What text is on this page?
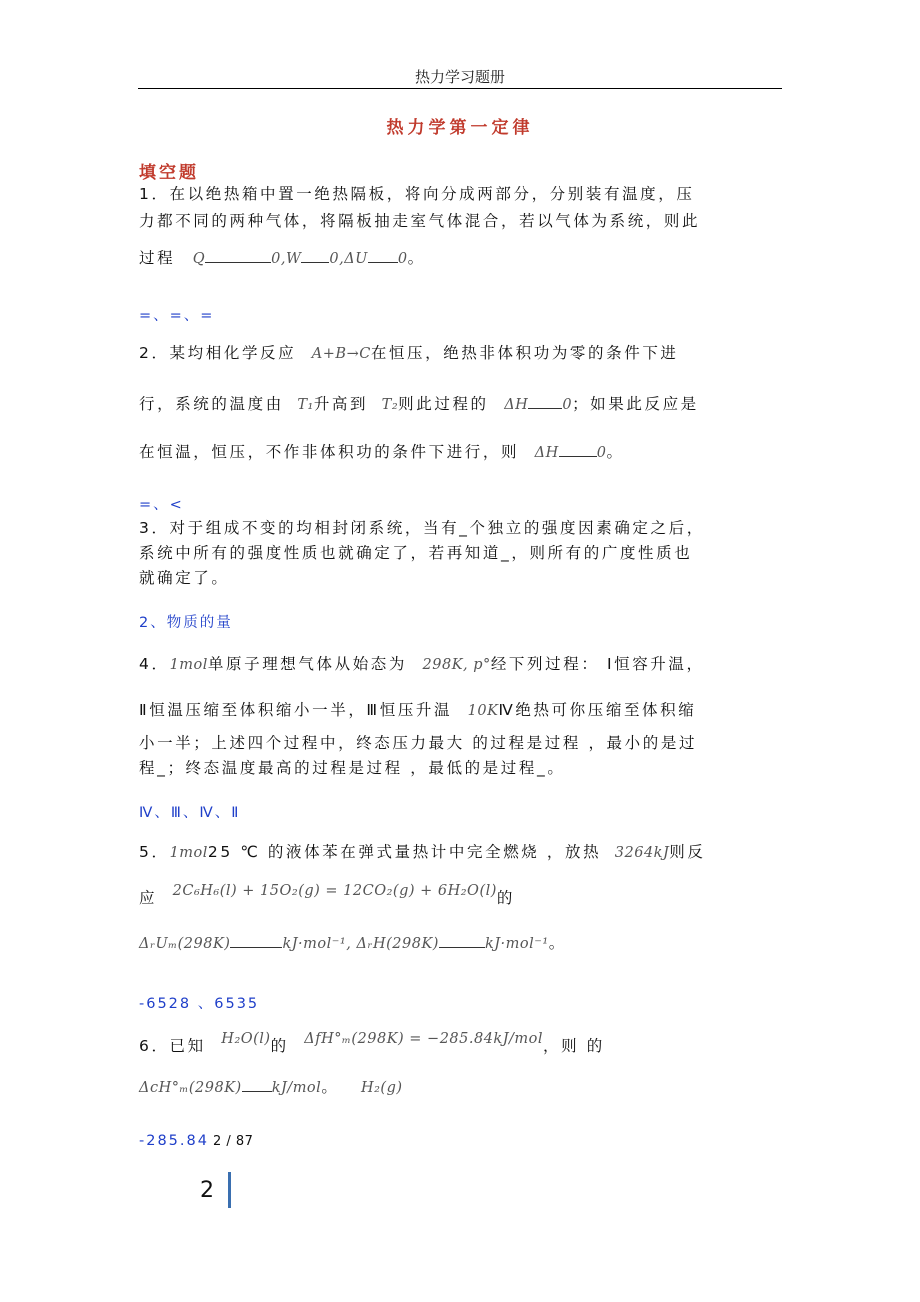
热力学习题册
热力学第一定律
填空题
1．在以绝热箱中置一绝热隔板，将向分成两部分，分别装有温度，压
力都不同的两种气体，将隔板抽走室气体混合，若以气体为系统，则此
过程 Q	0,W 0,ΔU 0。
=、=、=
2．某均相化学反应 A+B→C在恒压，绝热非体积功为零的条件下进
行，系统的温度由 T₁升高到 T₂则此过程的 ΔH 0；如果此反应是
在恒温，恒压，不作非体积功的条件下进行，则 ΔH	0。
=、<
3．对于组成不变的均相封闭系统，当有_个独立的强度因素确定之后，
系统中所有的强度性质也就确定了，若再知道_，则所有的广度性质也
就确定了。
2、物质的量
4．1mol单原子理想气体从始态为 298K, p°经下列过程： Ⅰ恒容升温，
Ⅱ恒温压缩至体积缩小一半，Ⅲ恒压升温 10KⅣ绝热可你压缩至体积缩
小一半；上述四个过程中，终态压力最大 的过程是过程 ，最小的是过
程_；终态温度最高的过程是过程 ，最低的是过程_。
Ⅳ、Ⅲ、Ⅳ、Ⅱ
5．1mol25 ℃ 的液体苯在弹式量热计中完全燃烧 ，放热 3264kJ则反
应 2C₆H₆(l) + 15O₂(g) = 12CO₂(g) + 6H₂O(l)的
ΔᵣUₘ(298K)	kJ·mol⁻¹, ΔᵣH(298K)	kJ·mol⁻¹。
-6528 、6535
6．已知 H₂O(l)的 ΔfH°ₘ(298K) = −285.84kJ/mol，则 的
ΔcH°ₘ(298K) kJ/mol。 H₂(g)
-285.84 2 / 87
2
